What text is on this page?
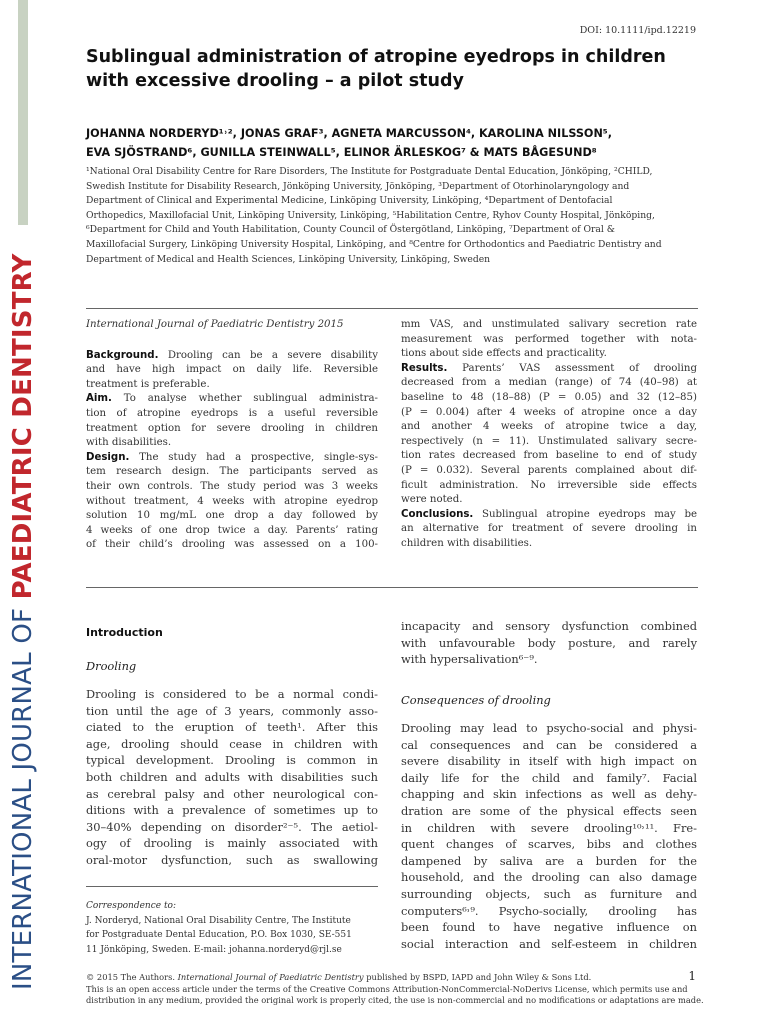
INTERNATIONAL JOURNAL OF PAEDIATRIC DENTISTRY
DOI: 10.1111/ipd.12219
Sublingual administration of atropine eyedrops in children
with excessive drooling – a pilot study
JOHANNA NORDERYD¹˒², JONAS GRAF³, AGNETA MARCUSSON⁴, KAROLINA NILSSON⁵,
EVA SJÖSTRAND⁶, GUNILLA STEINWALL⁵, ELINOR ÄRLESKOG⁷ & MATS BÅGESUND⁸
¹National Oral Disability Centre for Rare Disorders, The Institute for Postgraduate Dental Education, Jönköping, ²CHILD,
Swedish Institute for Disability Research, Jönköping University, Jönköping, ³Department of Otorhinolaryngology and
Department of Clinical and Experimental Medicine, Linköping University, Linköping, ⁴Department of Dentofacial
Orthopedics, Maxillofacial Unit, Linköping University, Linköping, ⁵Habilitation Centre, Ryhov County Hospital, Jönköping,
⁶Department for Child and Youth Habilitation, County Council of Östergötland, Linköping, ⁷Department of Oral &
Maxillofacial Surgery, Linköping University Hospital, Linköping, and ⁸Centre for Orthodontics and Paediatric Dentistry and
Department of Medical and Health Sciences, Linköping University, Linköping, Sweden
International Journal of Paediatric Dentistry 2015
Background. Drooling can be a severe disability
and have high impact on daily life. Reversible
treatment is preferable.
Aim. To analyse whether sublingual administra-
tion of atropine eyedrops is a useful reversible
treatment option for severe drooling in children
with disabilities.
Design. The study had a prospective, single-sys-
tem research design. The participants served as
their own controls. The study period was 3 weeks
without treatment, 4 weeks with atropine eyedrop
solution 10 mg/mL one drop a day followed by
4 weeks of one drop twice a day. Parents’ rating
of their child’s drooling was assessed on a 100-
mm VAS, and unstimulated salivary secretion rate
measurement was performed together with nota-
tions about side effects and practicality.
Results. Parents’ VAS assessment of drooling
decreased from a median (range) of 74 (40–98) at
baseline to 48 (18–88) (P = 0.05) and 32 (12–85)
(P = 0.004) after 4 weeks of atropine once a day
and another 4 weeks of atropine twice a day,
respectively (n = 11). Unstimulated salivary secre-
tion rates decreased from baseline to end of study
(P = 0.032). Several parents complained about dif-
ficult administration. No irreversible side effects
were noted.
Conclusions. Sublingual atropine eyedrops may be
an alternative for treatment of severe drooling in
children with disabilities.
Introduction
Drooling
Drooling is considered to be a normal condi-
tion until the age of 3 years, commonly asso-
ciated to the eruption of teeth¹. After this
age, drooling should cease in children with
typical development. Drooling is common in
both children and adults with disabilities such
as cerebral palsy and other neurological con-
ditions with a prevalence of sometimes up to
30–40% depending on disorder²⁻⁵. The aetiol-
ogy of drooling is mainly associated with
oral-motor dysfunction, such as swallowing
incapacity and sensory dysfunction combined
with unfavourable body posture, and rarely
with hypersalivation⁶⁻⁹.
Consequences of drooling
Drooling may lead to psycho-social and physi-
cal consequences and can be considered a
severe disability in itself with high impact on
daily life for the child and family⁷. Facial
chapping and skin infections as well as dehy-
dration are some of the physical effects seen
in children with severe drooling¹⁰˒¹¹. Fre-
quent changes of scarves, bibs and clothes
dampened by saliva are a burden for the
household, and the drooling can also damage
surrounding objects, such as furniture and
computers⁶˒⁹. Psycho-socially, drooling has
been found to have negative influence on
social interaction and self-esteem in children
Correspondence to:
J. Norderyd, National Oral Disability Centre, The Institute
for Postgraduate Dental Education, P.O. Box 1030, SE-551
11 Jönköping, Sweden. E-mail: johanna.norderyd@rjl.se
© 2015 The Authors. International Journal of Paediatric Dentistry published by BSPD, IAPD and John Wiley & Sons Ltd.
This is an open access article under the terms of the Creative Commons Attribution-NonCommercial-NoDerivs License, which permits use and
distribution in any medium, provided the original work is properly cited, the use is non-commercial and no modifications or adaptations are made.
1
